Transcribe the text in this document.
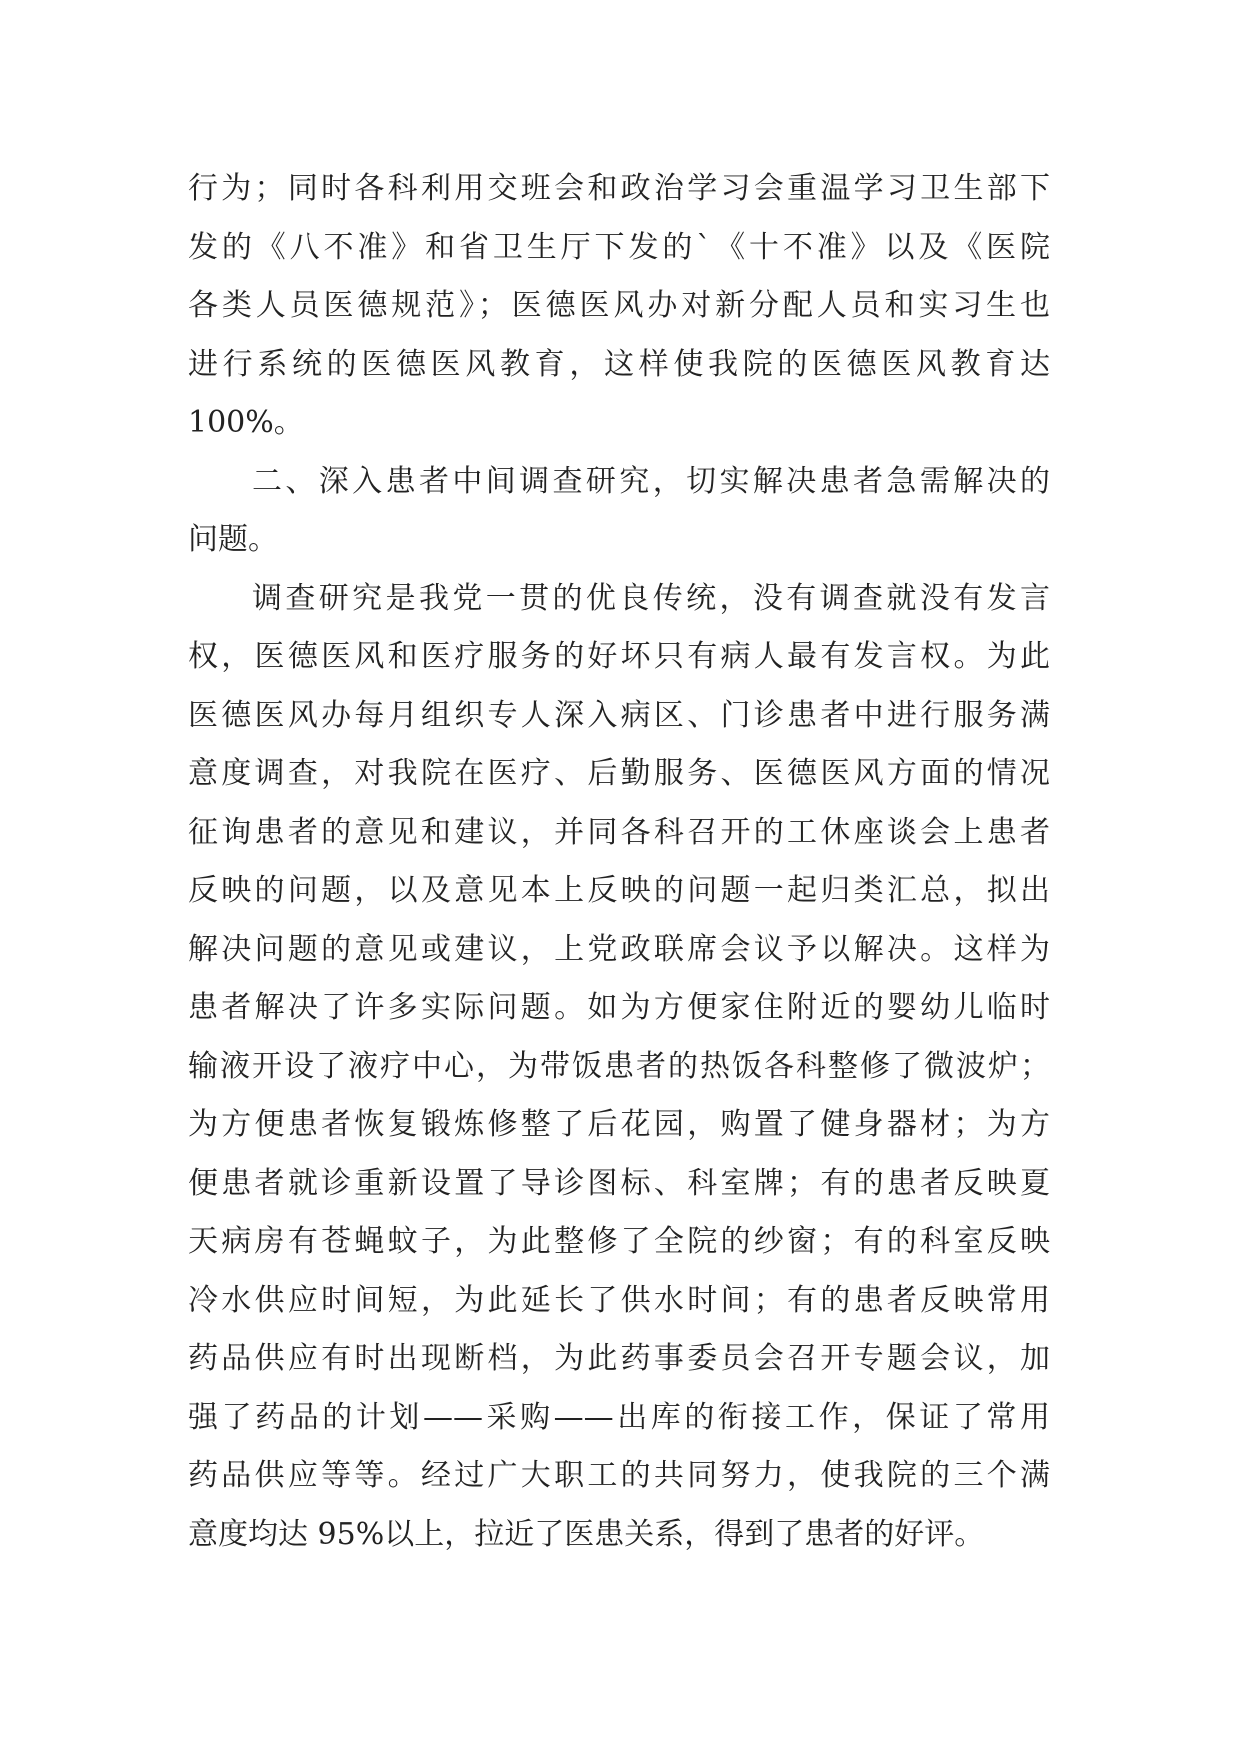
行为；同时各科利用交班会和政治学习会重温学习卫生部下
发的《八不准》和省卫生厅下发的`《十不准》以及《医院
各类人员医德规范》；医德医风办对新分配人员和实习生也
进行系统的医德医风教育，这样使我院的医德医风教育达
100%。
二、深入患者中间调查研究，切实解决患者急需解决的
问题。
调查研究是我党一贯的优良传统，没有调查就没有发言
权，医德医风和医疗服务的好坏只有病人最有发言权。为此
医德医风办每月组织专人深入病区、门诊患者中进行服务满
意度调查，对我院在医疗、后勤服务、医德医风方面的情况
征询患者的意见和建议，并同各科召开的工休座谈会上患者
反映的问题，以及意见本上反映的问题一起归类汇总，拟出
解决问题的意见或建议，上党政联席会议予以解决。这样为
患者解决了许多实际问题。如为方便家住附近的婴幼儿临时
输液开设了液疗中心，为带饭患者的热饭各科整修了微波炉；
为方便患者恢复锻炼修整了后花园，购置了健身器材；为方
便患者就诊重新设置了导诊图标、科室牌；有的患者反映夏
天病房有苍蝇蚊子，为此整修了全院的纱窗；有的科室反映
冷水供应时间短，为此延长了供水时间；有的患者反映常用
药品供应有时出现断档，为此药事委员会召开专题会议，加
强了药品的计划——采购——出库的衔接工作，保证了常用
药品供应等等。经过广大职工的共同努力，使我院的三个满
意度均达 95%以上，拉近了医患关系，得到了患者的好评。
